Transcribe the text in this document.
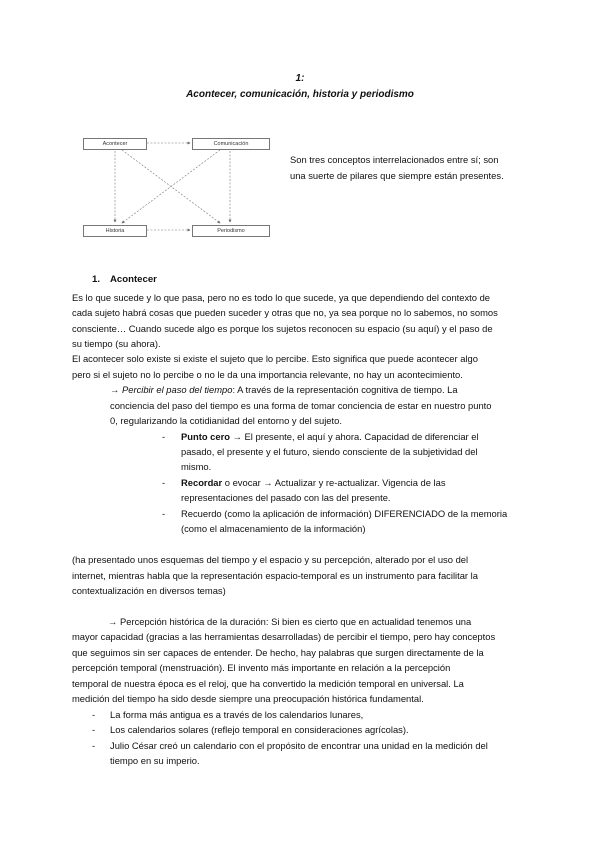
1:
Acontecer, comunicación, historia y periodismo
Acontecer	Comunicación
Historia	Periodismo
Son tres conceptos interrelacionados entre sí; son
una suerte de pilares que siempre están presentes.
1. Acontecer
Es lo que sucede y lo que pasa, pero no es todo lo que sucede, ya que dependiendo del contexto de
cada sujeto habrá cosas que pueden suceder y otras que no, ya sea porque no lo sabemos, no somos
consciente… Cuando sucede algo es porque los sujetos reconocen su espacio (su aquí) y el paso de
su tiempo (su ahora).
El acontecer solo existe si existe el sujeto que lo percibe. Esto significa que puede acontecer algo
pero si el sujeto no lo percibe o no le da una importancia relevante, no hay un acontecimiento.
→ Percibir el paso del tiempo: A través de la representación cognitiva de tiempo. La
conciencia del paso del tiempo es una forma de tomar conciencia de estar en nuestro punto
0, regularizando la cotidianidad del entorno y del sujeto.
- Punto cero → El presente, el aquí y ahora. Capacidad de diferenciar el
pasado, el presente y el futuro, siendo consciente de la subjetividad del
mismo.
- Recordar o evocar → Actualizar y re-actualizar. Vigencia de las
representaciones del pasado con las del presente.
- Recuerdo (como la aplicación de información) DIFERENCIADO de la memoria
(como el almacenamiento de la información)
(ha presentado unos esquemas del tiempo y el espacio y su percepción, alterado por el uso del
internet, mientras habla que la representación espacio-temporal es un instrumento para facilitar la
contextualización en diversos temas)
→ Percepción histórica de la duración: Si bien es cierto que en actualidad tenemos una
mayor capacidad (gracias a las herramientas desarrolladas) de percibir el tiempo, pero hay conceptos
que seguimos sin ser capaces de entender. De hecho, hay palabras que surgen directamente de la
percepción temporal (menstruación). El invento más importante en relación a la percepción
temporal de nuestra época es el reloj, que ha convertido la medición temporal en universal. La
medición del tiempo ha sido desde siempre una preocupación histórica fundamental.
- La forma más antigua es a través de los calendarios lunares,
- Los calendarios solares (reflejo temporal en consideraciones agrícolas).
- Julio César creó un calendario con el propósito de encontrar una unidad en la medición del
tiempo en su imperio.
